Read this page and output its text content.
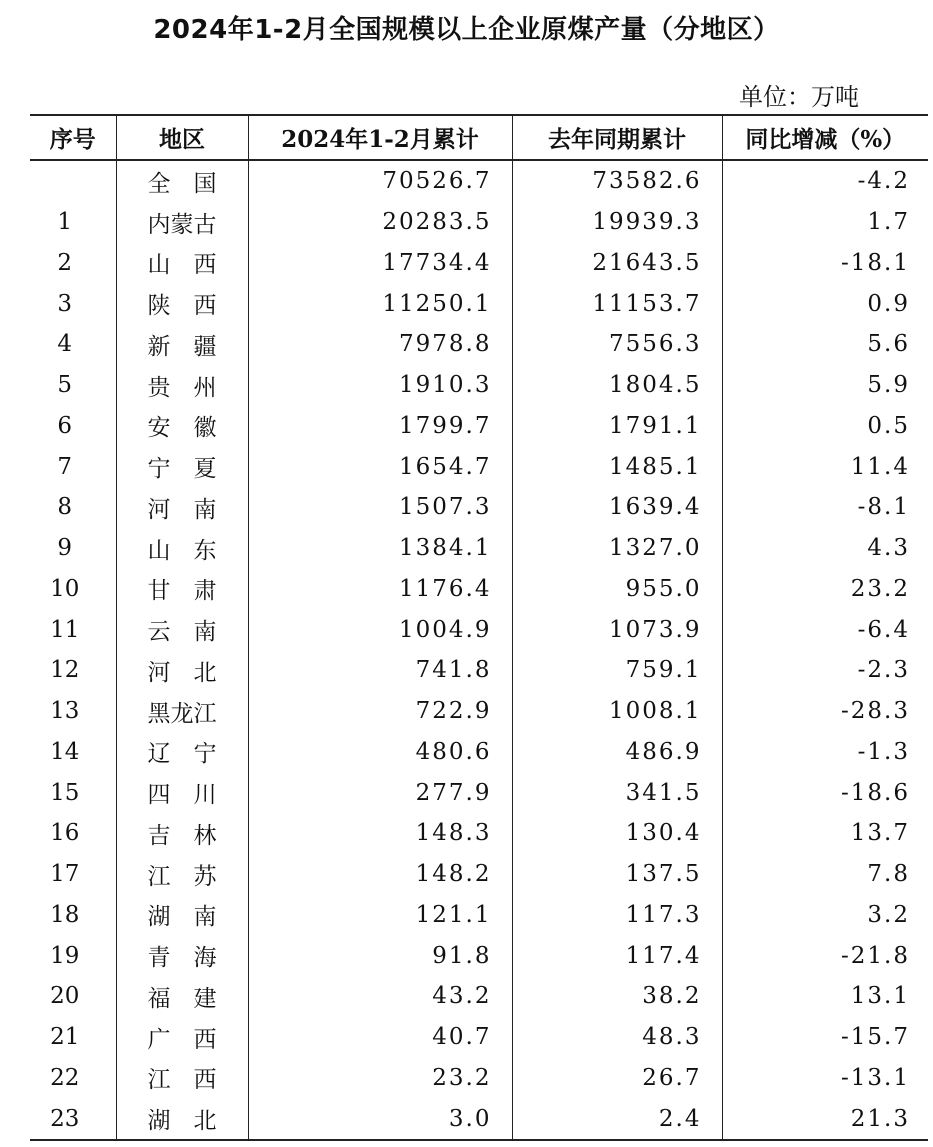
2024年1-2月全国规模以上企业原煤产量（分地区）
单位：万吨
序号	地区	2024年1-2月累计	去年同期累计	同比增减（%）
	全　国	70526.7	73582.6	-4.2
1	内蒙古	20283.5	19939.3	1.7
2	山　西	17734.4	21643.5	-18.1
3	陕　西	11250.1	11153.7	0.9
4	新　疆	7978.8	7556.3	5.6
5	贵　州	1910.3	1804.5	5.9
6	安　徽	1799.7	1791.1	0.5
7	宁　夏	1654.7	1485.1	11.4
8	河　南	1507.3	1639.4	-8.1
9	山　东	1384.1	1327.0	4.3
10	甘　肃	1176.4	955.0	23.2
11	云　南	1004.9	1073.9	-6.4
12	河　北	741.8	759.1	-2.3
13	黑龙江	722.9	1008.1	-28.3
14	辽　宁	480.6	486.9	-1.3
15	四　川	277.9	341.5	-18.6
16	吉　林	148.3	130.4	13.7
17	江　苏	148.2	137.5	7.8
18	湖　南	121.1	117.3	3.2
19	青　海	91.8	117.4	-21.8
20	福　建	43.2	38.2	13.1
21	广　西	40.7	48.3	-15.7
22	江　西	23.2	26.7	-13.1
23	湖　北	3.0	2.4	21.3
